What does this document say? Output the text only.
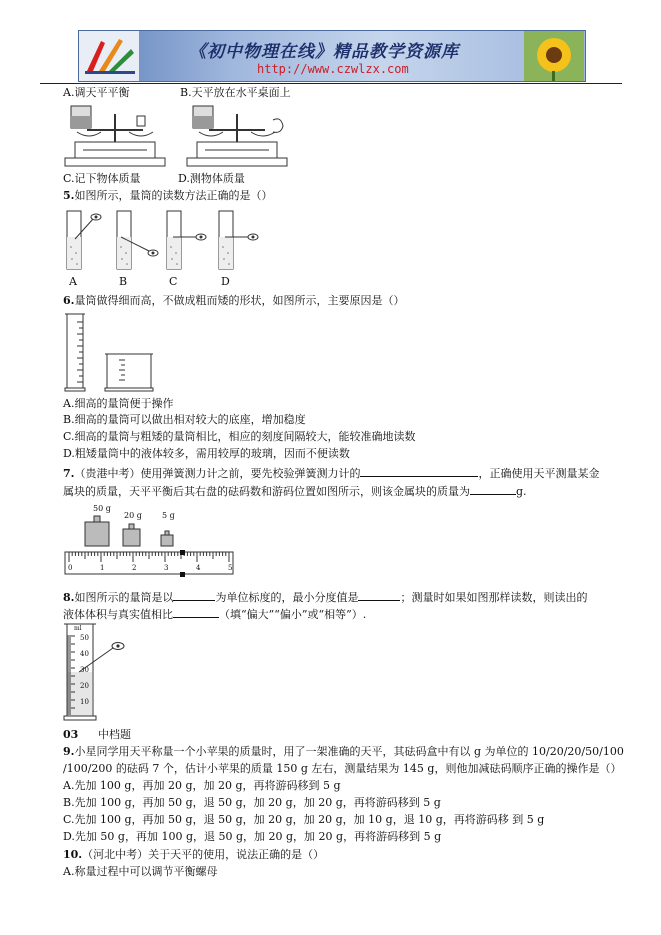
《初中物理在线》精品教学资源库
http://www.czwlzx.com
A.调天平平衡	B.天平放在水平桌面上
C.记下物体质量	D.测物体质量
5.如图所示，量筒的读数方法正确的是（）
A	B	C	D
6.量筒做得细而高，不做成粗而矮的形状，如图所示，主要原因是（）
A.细高的量筒便于操作
B.细高的量筒可以做出相对较大的底座，增加稳度
C.细高的量筒与粗矮的量筒相比，相应的刻度间隔较大，能较准确地读数
D.粗矮量筒中的液体较多，需用较厚的玻璃，因而不便读数
7.（贵港中考）使用弹簧测力计之前，要先校验弹簧测力计的	，正确使用天平测量某金
属块的质量，天平平衡后其右盘的砝码数和游码位置如图所示，则该金属块的质量为	g.
50 g
20 g	5 g
0	1	2	3	4	5
8.如图所示的量筒是以	为单位标度的，最小分度值是	；测量时如果如图那样读数，则读出的
液体体积与真实值相比	（填“偏大”“偏小”或“相等”）.
ml
50
40
30
20
10
03 中档题
9.小星同学用天平称量一个小苹果的质量时，用了一架准确的天平，其砝码盒中有以 g 为单位的 10/20/20/50/100
/100/200 的砝码 7 个，估计小苹果的质量 150 g 左右，测量结果为 145 g，则他加减砝码顺序正确的操作是（）
A.先加 100 g，再加 20 g，加 20 g，再将游码移到 5 g
B.先加 100 g，再加 50 g，退 50 g，加 20 g，加 20 g，再将游码移到 5 g
C.先加 100 g，再加 50 g，退 50 g，加 20 g，加 20 g，加 10 g，退 10 g，再将游码移 到 5 g
D.先加 50 g，再加 100 g，退 50 g，加 20 g，加 20 g，再将游码移到 5 g
10.（河北中考）关于天平的使用，说法正确的是（）
A.称量过程中可以调节平衡螺母
